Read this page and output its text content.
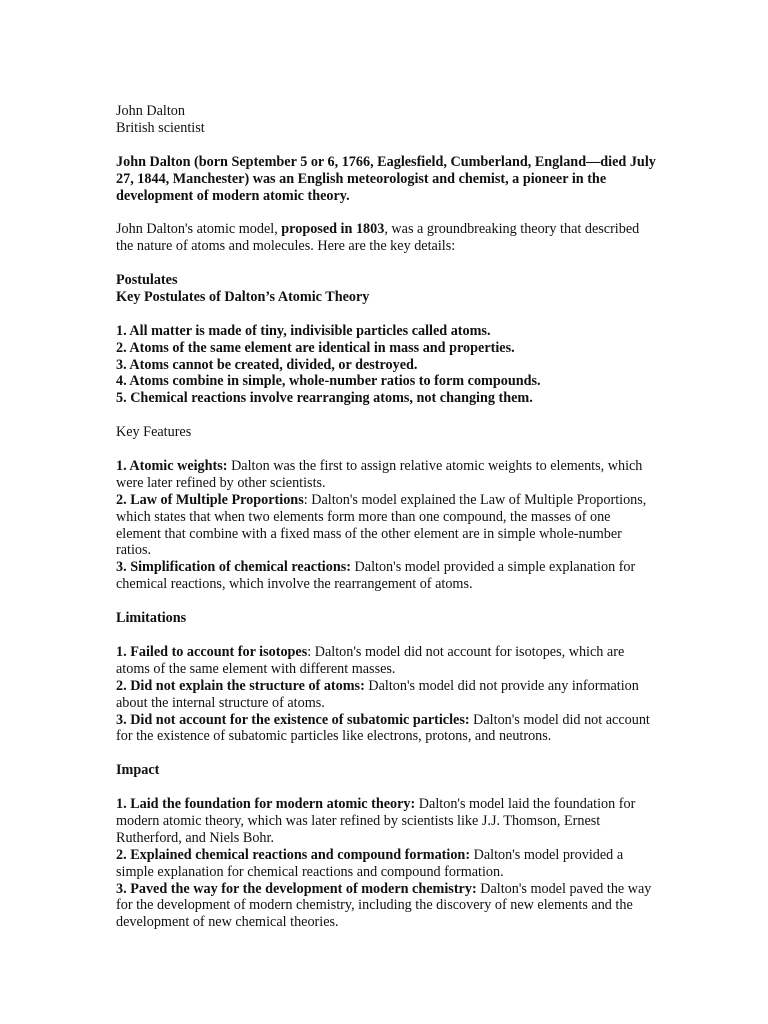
John Dalton

British scientist

John Dalton (born September 5 or 6, 1766, Eaglesfield, Cumberland, England—died July 27, 1844, Manchester) was an English meteorologist and chemist, a pioneer in the development of modern atomic theory.

John Dalton's atomic model, proposed in 1803, was a groundbreaking theory that described the nature of atoms and molecules. Here are the key details:

Postulates

Key Postulates of Dalton’s Atomic Theory

1. All matter is made of tiny, indivisible particles called atoms.

2. Atoms of the same element are identical in mass and properties.

3. Atoms cannot be created, divided, or destroyed.

4. Atoms combine in simple, whole-number ratios to form compounds.

5. Chemical reactions involve rearranging atoms, not changing them.

Key Features

1. Atomic weights: Dalton was the first to assign relative atomic weights to elements, which were later refined by other scientists.

2. Law of Multiple Proportions: Dalton's model explained the Law of Multiple Proportions, which states that when two elements form more than one compound, the masses of one element that combine with a fixed mass of the other element are in simple whole-number ratios.

3. Simplification of chemical reactions: Dalton's model provided a simple explanation for chemical reactions, which involve the rearrangement of atoms.

Limitations

1. Failed to account for isotopes: Dalton's model did not account for isotopes, which are atoms of the same element with different masses.

2. Did not explain the structure of atoms: Dalton's model did not provide any information about the internal structure of atoms.

3. Did not account for the existence of subatomic particles: Dalton's model did not account for the existence of subatomic particles like electrons, protons, and neutrons.

Impact

1. Laid the foundation for modern atomic theory: Dalton's model laid the foundation for modern atomic theory, which was later refined by scientists like J.J. Thomson, Ernest Rutherford, and Niels Bohr.

2. Explained chemical reactions and compound formation: Dalton's model provided a simple explanation for chemical reactions and compound formation.

3. Paved the way for the development of modern chemistry: Dalton's model paved the way for the development of modern chemistry, including the discovery of new elements and the development of new chemical theories.
